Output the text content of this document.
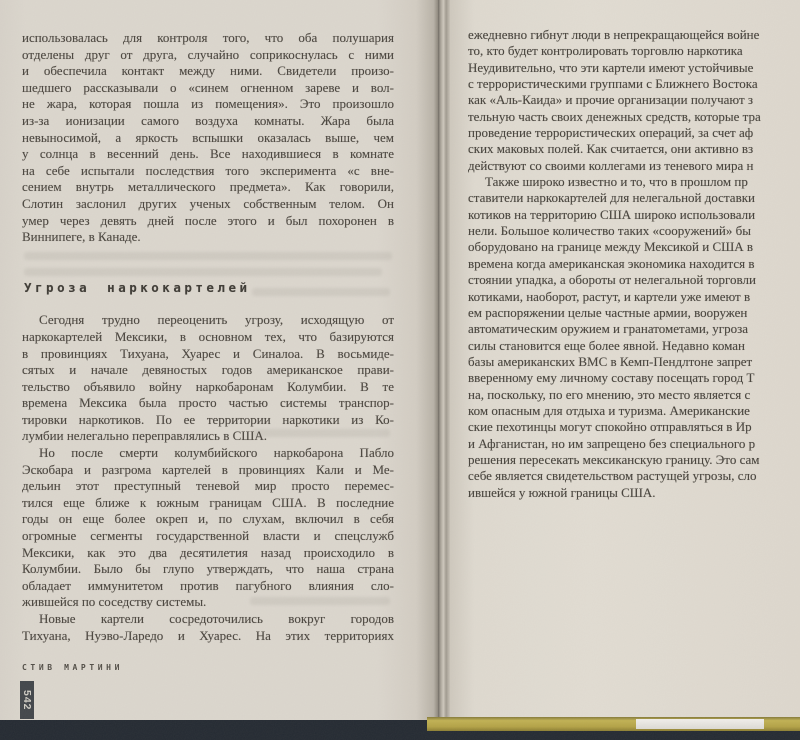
использовалась для контроля того, что оба полушария
отделены друг от друга, случайно соприкоснулась с ними
и обеспечила контакт между ними. Свидетели произо-
шедшего рассказывали о «синем огненном зареве и вол-
не жара, которая пошла из помещения». Это произошло
из-за ионизации самого воздуха комнаты. Жара была
невыносимой, а яркость вспышки оказалась выше, чем
у солнца в весенний день. Все находившиеся в комнате
на себе испытали последствия того эксперимента «с вне-
сением внутрь металлического предмета». Как говорили,
Слотин заслонил других ученых собственным телом. Он
умер через девять дней после этого и был похоронен в
Виннипеге, в Канаде.
Угроза наркокартелей
Сегодня трудно переоценить угрозу, исходящую от
наркокартелей Мексики, в основном тех, что базируются
в провинциях Тихуана, Хуарес и Синалоа. В восьмиде-
сятых и начале девяностых годов американское прави-
тельство объявило войну наркобаронам Колумбии. В те
времена Мексика была просто частью системы транспор-
тировки наркотиков. По ее территории наркотики из Ко-
лумбии нелегально переправлялись в США.
Но после смерти колумбийского наркобарона Пабло
Эскобара и разгрома картелей в провинциях Кали и Ме-
дельин этот преступный теневой мир просто перемес-
тился еще ближе к южным границам США. В последние
годы он еще более окреп и, по слухам, включил в себя
огромные сегменты государственной власти и спецслужб
Мексики, как это два десятилетия назад происходило в
Колумбии. Было бы глупо утверждать, что наша страна
обладает иммунитетом против пагубного влияния сло-
жившейся по соседству системы.
Новые картели сосредоточились вокруг городов
Тихуана, Нуэво-Ларедо и Хуарес. На этих территориях
ежедневно гибнут люди в непрекращающейся войне
то, кто будет контролировать торговлю наркотика
Неудивительно, что эти картели имеют устойчивые
с террористическими группами с Ближнего Востока
как «Аль-Каида» и прочие организации получают з
тельную часть своих денежных средств, которые тра
проведение террористических операций, за счет аф
ских маковых полей. Как считается, они активно вз
действуют со своими коллегами из теневого мира н
Также широко известно и то, что в прошлом пр
ставители наркокартелей для нелегальной доставки
котиков на территорию США широко использовали
нели. Большое количество таких «сооружений» бы
оборудовано на границе между Мексикой и США в
времена когда американская экономика находится в
стоянии упадка, а обороты от нелегальной торговли
котиками, наоборот, растут, и картели уже имеют в
ем распоряжении целые частные армии, вооружен
автоматическим оружием и гранатометами, угроза
силы становится еще более явной. Недавно коман
базы американских ВМС в Кемп-Пендлтоне запрет
вверенному ему личному составу посещать город Т
на, поскольку, по его мнению, это место является с
ком опасным для отдыха и туризма. Американские
ские пехотинцы могут спокойно отправляться в Ир
и Афганистан, но им запрещено без специального р
решения пересекать мексиканскую границу. Это сам
себе является свидетельством растущей угрозы, сло
ившейся у южной границы США.
СТИВ МАРТИНИ
542
